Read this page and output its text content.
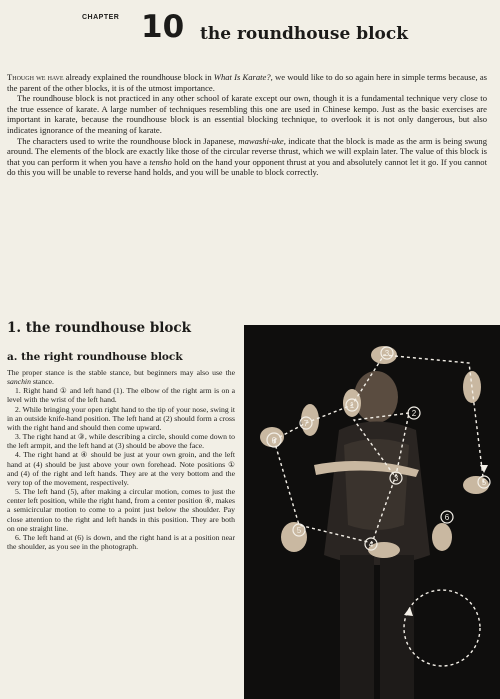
CHAPTER 10 the roundhouse block

Though we have already explained the roundhouse block in What Is Karate?, we would like to do so again here in simple terms because, as the parent of the other blocks, it is of the utmost importance.

The roundhouse block is not practiced in any other school of karate except our own, though it is a fundamental technique very close to the true essence of karate. A large number of techniques resembling this one are used in Chinese kempo. Just as the basic exercises are important in karate, because the roundhouse block is an essential blocking technique, to overlook it is not only dangerous, but also indicates ignorance of the meaning of karate.

The characters used to write the roundhouse block in Japanese, mawashi-uke, indicate that the block is made as the arm is being swung around. The elements of the block are exactly like those of the circular reverse thrust, which we will explain later. The value of this block is that you can perform it when you have a tensho hold on the hand your opponent thrust at you and absolutely cannot let it go. If you cannot do this you will be unable to reverse hand holds, and you will be unable to block correctly.

1. the roundhouse block
a. the right roundhouse block

The proper stance is the stable stance, but beginners may also use the sanchin stance.

1. Right hand ① and left hand (1). The elbow of the right arm is on a level with the wrist of the left hand.

2. While bringing your open right hand to the tip of your nose, swing it in an outside knife-hand position. The left hand at (2) should form a cross with the right hand and should then come upward.

3. The right hand at ③, while describing a circle, should come down to the left armpit, and the left hand at (3) should be above the face.

4. The right hand at ④ should be just at your own groin, and the left hand at (4) should be just above your own forehead. Note positions ① and (4) of the right and left hands. They are at the very bottom and the very top of the movement, respectively.

5. The left hand (5), after making a circular motion, comes to just the center left position, while the right hand, from a center position ④, makes a semicircular motion to come to a point just below the shoulder. Pay close attention to the right and left hands in this position. They are both on one straight line.

6. The left hand at (6) is down, and the right hand is at a position near the shoulder, as you see in the photograph.

6
7
1
2
3
4
5
5
6
3
